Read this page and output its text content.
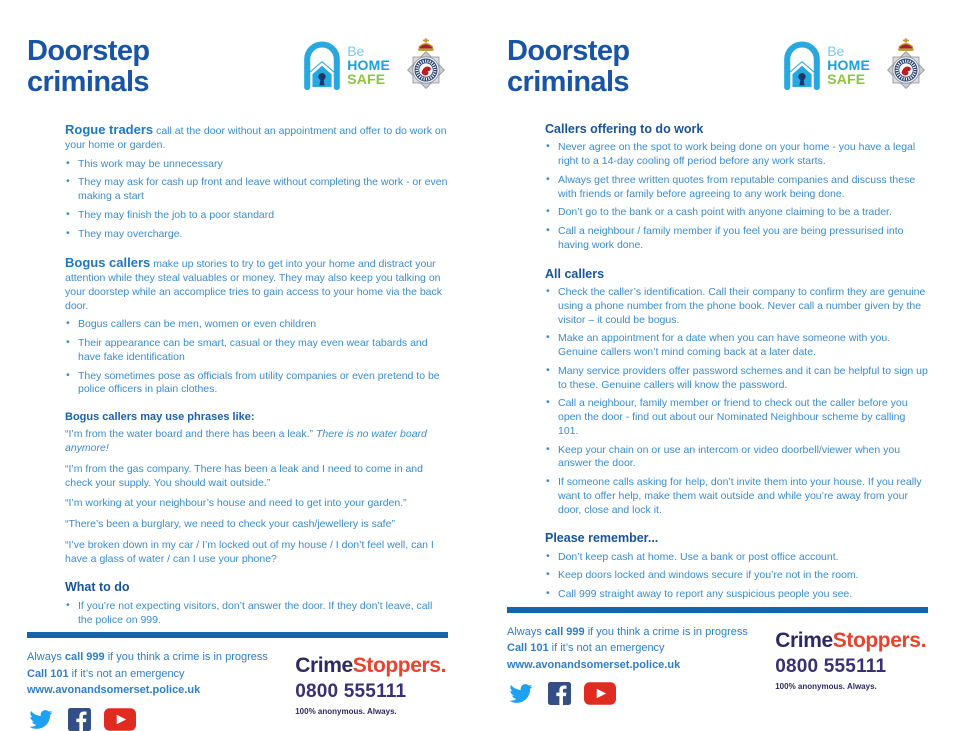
Doorstep
criminals
Be
HOME
SAFE

Rogue traders call at the door without an appointment and offer to do work on your home or garden.

• This work may be unnecessary
• They may ask for cash up front and leave without completing the work - or even making a start
• They may finish the job to a poor standard
• They may overcharge.

Bogus callers make up stories to try to get into your home and distract your attention while they steal valuables or money. They may also keep you talking on your doorstep while an accomplice tries to gain access to your home via the back door.

• Bogus callers can be men, women or even children
• Their appearance can be smart, casual or they may even wear tabards and have fake identification
• They sometimes pose as officials from utility companies or even pretend to be police officers in plain clothes.
Bogus callers may use phrases like:

“I’m from the water board and there has been a leak.” There is no water board anymore!

“I’m from the gas company. There has been a leak and I need to come in and check your supply. You should wait outside.”

“I’m working at your neighbour’s house and need to get into your garden.”

“There’s been a burglary, we need to check your cash/jewellery is safe”

“I’ve broken down in my car / I’m locked out of my house / I don’t feel well, can I have a glass of water / can I use your phone?

What to do
• If you’re not expecting visitors, don’t answer the door. If they don’t leave, call the police on 999.
Always call 999 if you think a crime is in progress
Call 101 if it’s not an emergency
www.avonandsomerset.police.uk
CrimeStoppers.
0800 555111
100% anonymous. Always.
Doorstep
criminals
Be
HOME
SAFE
Callers offering to do work
• Never agree on the spot to work being done on your home - you have a legal right to a 14-day cooling off period before any work starts.
• Always get three written quotes from reputable companies and discuss these with friends or family before agreeing to any work being done.
• Don’t go to the bank or a cash point with anyone claiming to be a trader.
• Call a neighbour / family member if you feel you are being pressurised into having work done.
All callers
• Check the caller’s identification. Call their company to confirm they are genuine using a phone number from the phone book. Never call a number given by the visitor – it could be bogus.
• Make an appointment for a date when you can have someone with you. Genuine callers won’t mind coming back at a later date.
• Many service providers offer password schemes and it can be helpful to sign up to these. Genuine callers will know the password.
• Call a neighbour, family member or friend to check out the caller before you open the door - find out about our Nominated Neighbour scheme by calling 101.
• Keep your chain on or use an intercom or video doorbell/viewer when you answer the door.
• If someone calls asking for help, don’t invite them into your house. If you really want to offer help, make them wait outside and while you’re away from your door, close and lock it.
Please remember...
• Don’t keep cash at home. Use a bank or post office account.
• Keep doors locked and windows secure if you’re not in the room.
• Call 999 straight away to report any suspicious people you see.
Always call 999 if you think a crime is in progress
Call 101 if it’s not an emergency
www.avonandsomerset.police.uk
CrimeStoppers.
0800 555111
100% anonymous. Always.
